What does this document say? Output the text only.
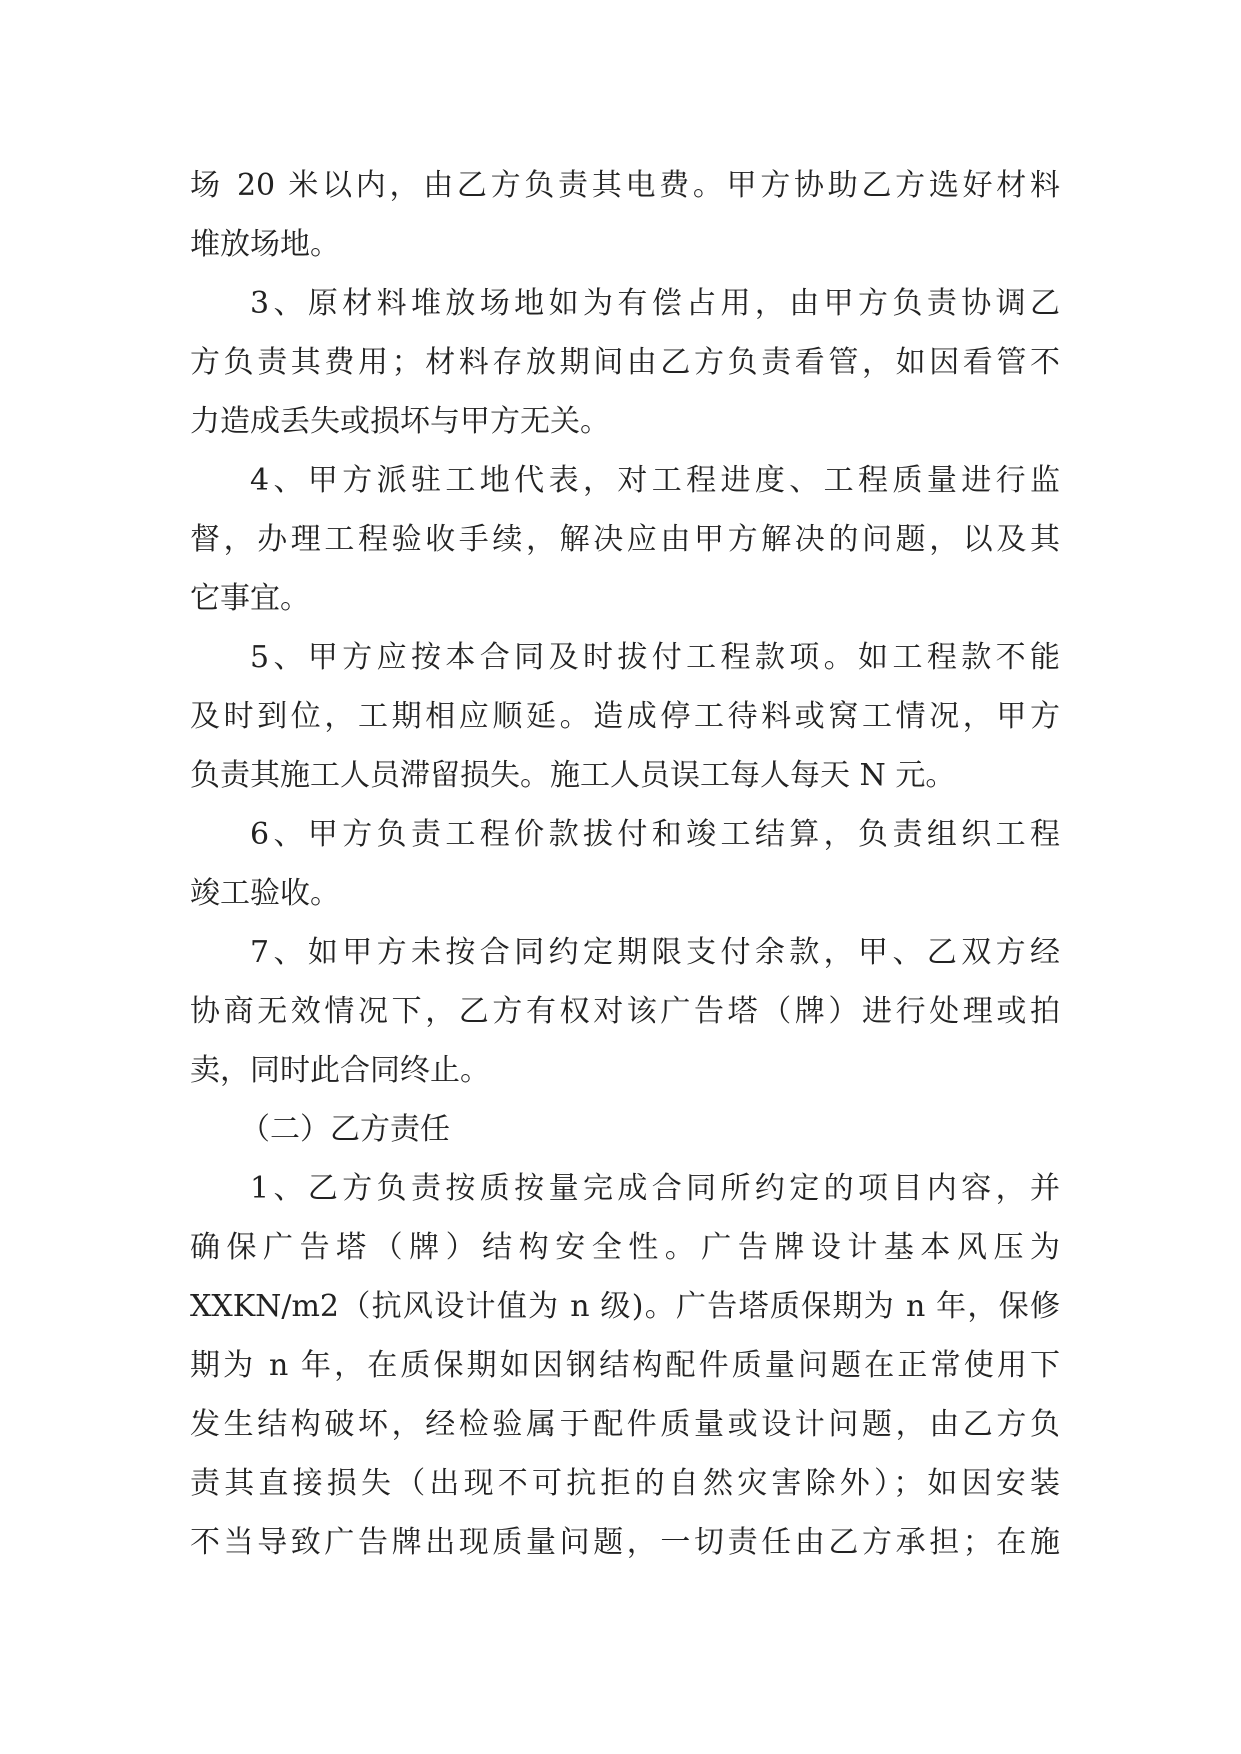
场 20 米以内，由乙方负责其电费。甲方协助乙方选好材料
堆放场地。
3、原材料堆放场地如为有偿占用，由甲方负责协调乙
方负责其费用；材料存放期间由乙方负责看管，如因看管不
力造成丢失或损坏与甲方无关。
4、甲方派驻工地代表，对工程进度、工程质量进行监
督，办理工程验收手续，解决应由甲方解决的问题，以及其
它事宜。
5、甲方应按本合同及时拔付工程款项。如工程款不能
及时到位，工期相应顺延。造成停工待料或窝工情况，甲方
负责其施工人员滞留损失。施工人员误工每人每天 N 元。
6、甲方负责工程价款拔付和竣工结算，负责组织工程
竣工验收。
7、如甲方未按合同约定期限支付余款，甲、乙双方经
协商无效情况下，乙方有权对该广告塔（牌）进行处理或拍
卖，同时此合同终止。
（二）乙方责任
1、乙方负责按质按量完成合同所约定的项目内容，并
确保广告塔（牌）结构安全性。广告牌设计基本风压为
XXKN/m2（抗风设计值为 n 级)。广告塔质保期为 n 年，保修
期为 n 年，在质保期如因钢结构配件质量问题在正常使用下
发生结构破坏，经检验属于配件质量或设计问题，由乙方负
责其直接损失（出现不可抗拒的自然灾害除外）；如因安装
不当导致广告牌出现质量问题，一切责任由乙方承担；在施
